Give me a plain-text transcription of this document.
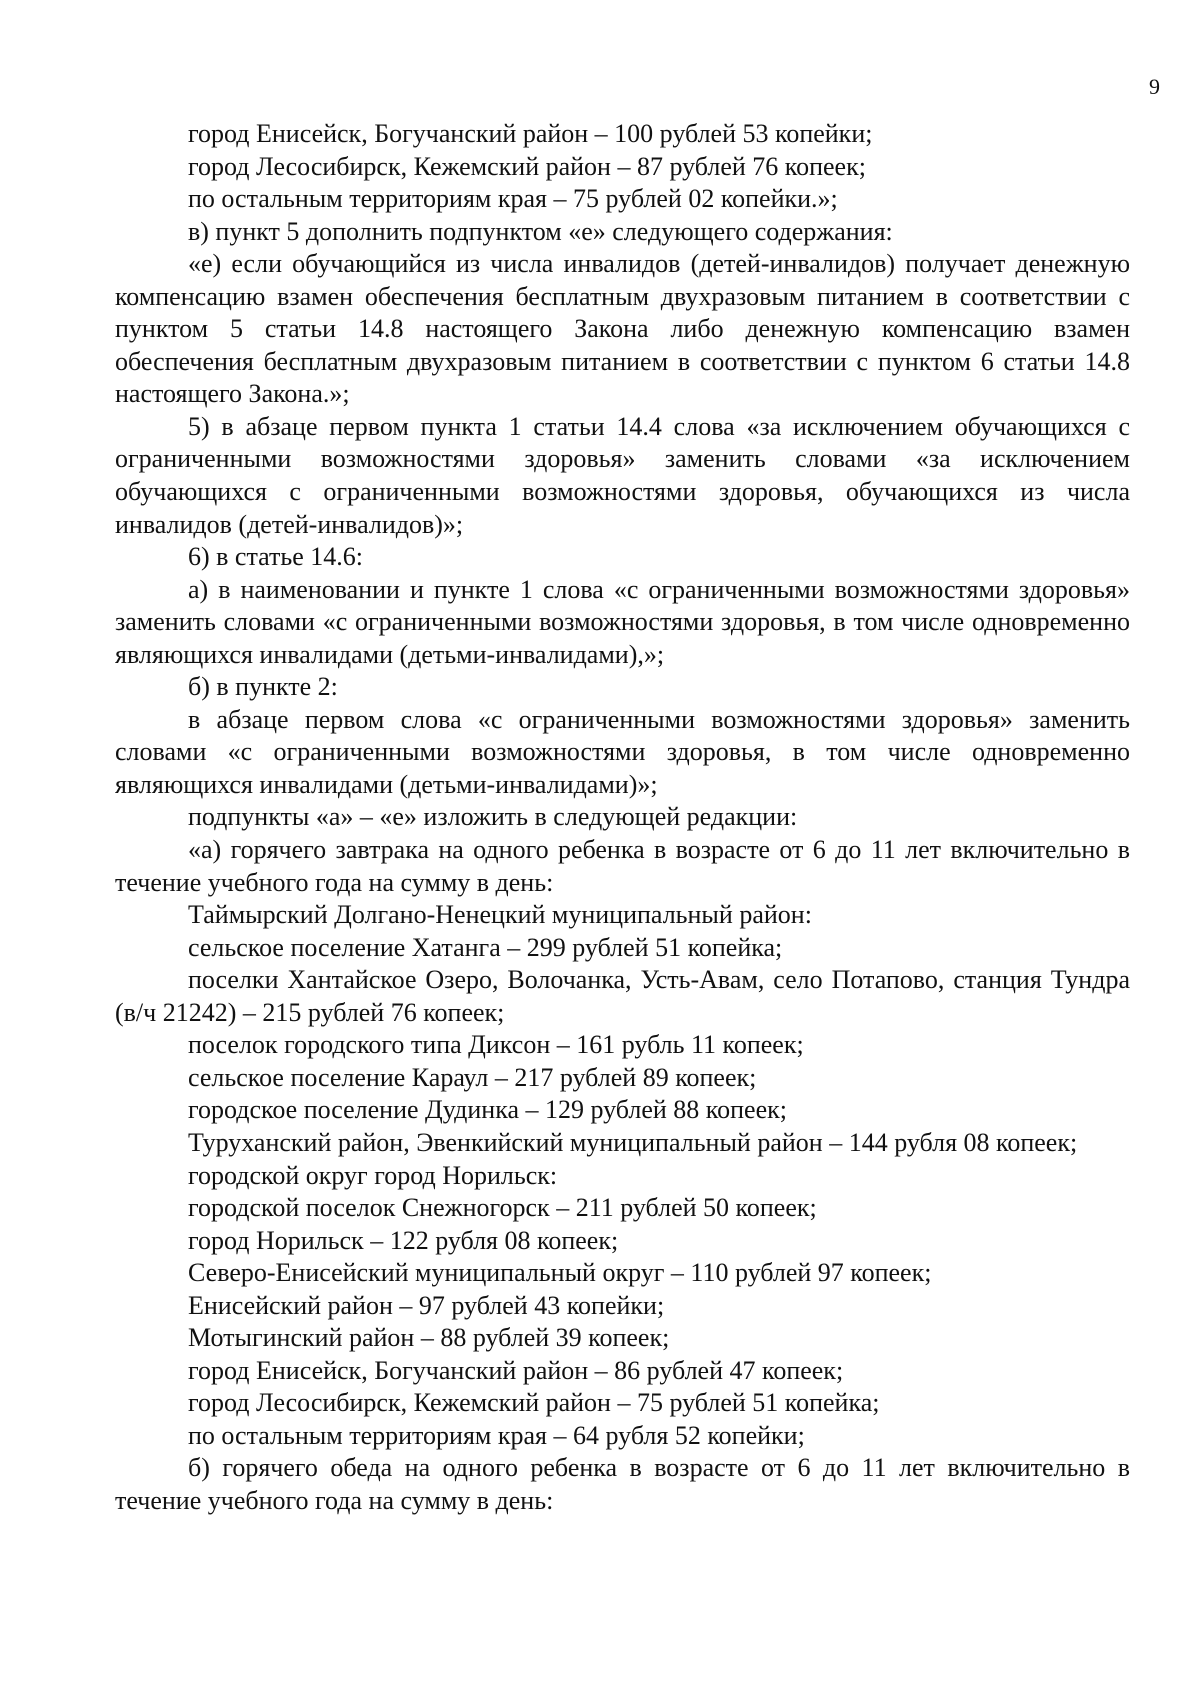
9

город Енисейск, Богучанский район – 100 рублей 53 копейки;

город Лесосибирск, Кежемский район – 87 рублей 76 копеек;

по остальным территориям края – 75 рублей 02 копейки.»;

в) пункт 5 дополнить подпунктом «е» следующего содержания:

«е) если обучающийся из числа инвалидов (детей-инвалидов) получает денежную компенсацию взамен обеспечения бесплатным двухразовым питанием в соответствии с пунктом 5 статьи 14.8 настоящего Закона либо денежную компенсацию взамен обеспечения бесплатным двухразовым питанием в соответствии с пунктом 6 статьи 14.8 настоящего Закона.»;

5) в абзаце первом пункта 1 статьи 14.4 слова «за исключением обучающихся с ограниченными возможностями здоровья» заменить словами «за исключением обучающихся с ограниченными возможностями здоровья, обучающихся из числа инвалидов (детей-инвалидов)»;

6) в статье 14.6:

а) в наименовании и пункте 1 слова «с ограниченными возможностями здоровья» заменить словами «с ограниченными возможностями здоровья, в том числе одновременно являющихся инвалидами (детьми-инвалидами),»;

б) в пункте 2:

в абзаце первом слова «с ограниченными возможностями здоровья» заменить словами «с ограниченными возможностями здоровья, в том числе одновременно являющихся инвалидами (детьми-инвалидами)»;

подпункты «а» – «е» изложить в следующей редакции:

«а) горячего завтрака на одного ребенка в возрасте от 6 до 11 лет включительно в течение учебного года на сумму в день:

Таймырский Долгано-Ненецкий муниципальный район:

сельское поселение Хатанга – 299 рублей 51 копейка;

поселки Хантайское Озеро, Волочанка, Усть-Авам, село Потапово, станция Тундра (в/ч 21242) – 215 рублей 76 копеек;

поселок городского типа Диксон – 161 рубль 11 копеек;

сельское поселение Караул – 217 рублей 89 копеек;

городское поселение Дудинка – 129 рублей 88 копеек;

Туруханский район, Эвенкийский муниципальный район – 144 рубля 08 копеек;

городской округ город Норильск:

городской поселок Снежногорск – 211 рублей 50 копеек;

город Норильск – 122 рубля 08 копеек;

Северо-Енисейский муниципальный округ – 110 рублей 97 копеек;

Енисейский район – 97 рублей 43 копейки;

Мотыгинский район – 88 рублей 39 копеек;

город Енисейск, Богучанский район – 86 рублей 47 копеек;

город Лесосибирск, Кежемский район – 75 рублей 51 копейка;

по остальным территориям края – 64 рубля 52 копейки;

б) горячего обеда на одного ребенка в возрасте от 6 до 11 лет включительно в течение учебного года на сумму в день:
